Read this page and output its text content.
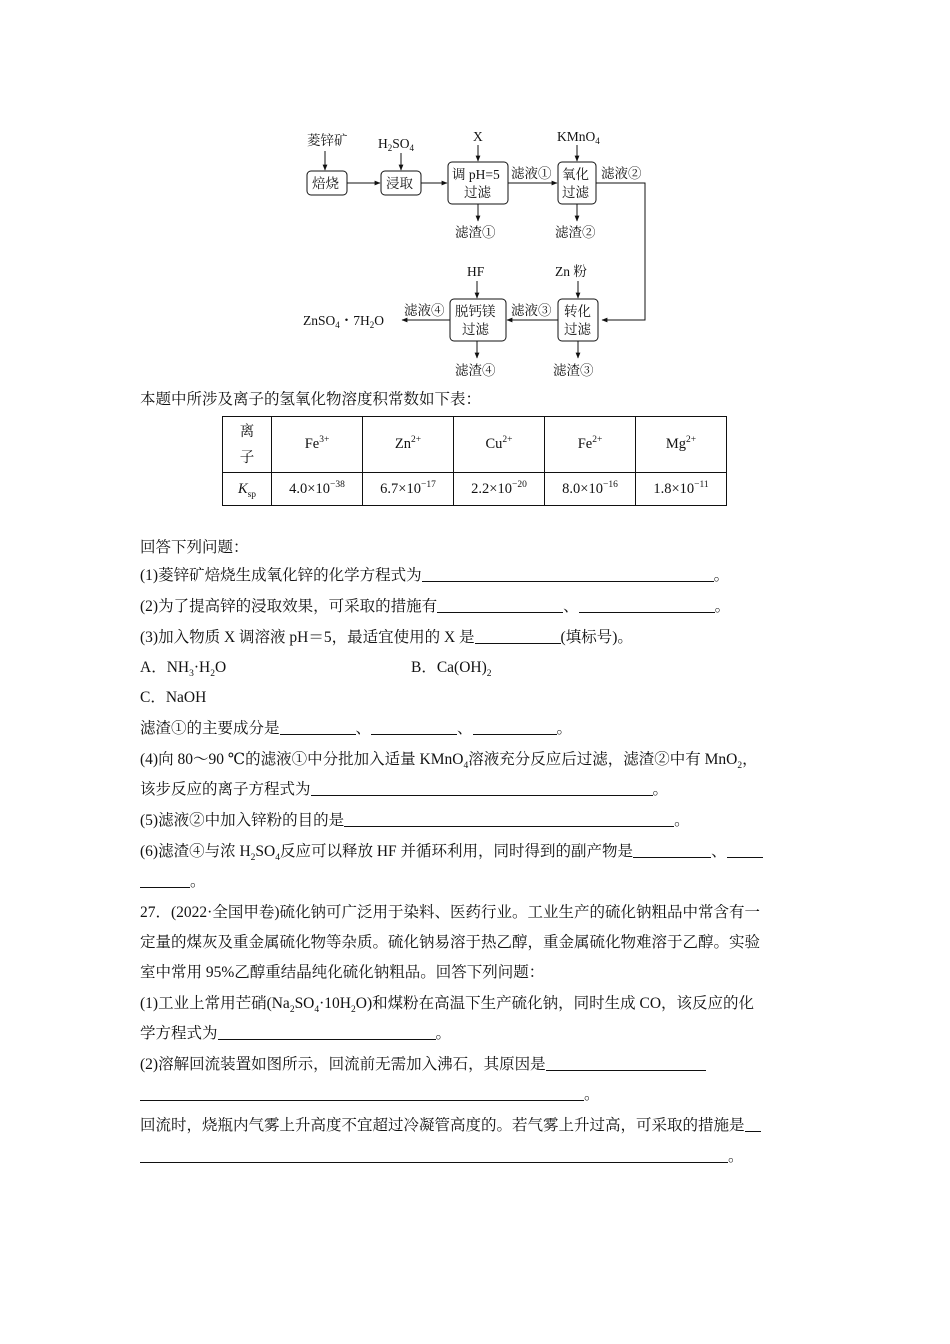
菱锌矿 $H_2SO_4$
X	KMnO$_4$
焙烧	浸取
调 pH=5
过滤
氧化
过滤
滤液①	滤液②
滤渣①	滤渣②
HF	Zn 粉
脱钙镁
过滤
转化
过滤
滤液③
滤液④
ZnSO$_4$・$7H_2O$
滤渣④	滤渣③
本题中所涉及离子的氢氧化物溶度积常数如下表：
离
子	$Fe^{3+}$	$Zn^{2+}$	$Cu^{2+}$	$Fe^{2+}$	$Mg^{2+}$
$K_{sp}$	$4.0\times 10^{-38}$	$6.7\times 10^{-17}$	$2.2\times 10^{-20}$	$8.0\times 10^{-16}$	$1.8\times 10^{-11}$
回答下列问题：
(1)菱锌矿焙烧生成氧化锌的化学方程式为	。
(2)为了提高锌的浸取效果，可采取的措施有	、	。
(3)加入物质 X 调溶液 pH＝5，最适宜使用的 X 是	(填标号)。
A．$NH_3\cdot H_2O$	B．$Ca(OH)_2$
C．NaOH
滤渣①的主要成分是	、	、	。
(4)向 80～90 ℃的滤液①中分批加入适量 KMnO$_4$溶液充分反应后过滤，滤渣②中有 MnO$_2$，
该步反应的离子方程式为	。
(5)滤液②中加入锌粉的目的是	。
(6)滤渣④与浓 $H_2SO_4$反应可以释放 HF 并循环利用，同时得到的副产物是	、
。
27．(2022·全国甲卷)硫化钠可广泛用于染料、医药行业。工业生产的硫化钠粗品中常含有一
定量的煤灰及重金属硫化物等杂质。硫化钠易溶于热乙醇，重金属硫化物难溶于乙醇。实验
室中常用 95%乙醇重结晶纯化硫化钠粗品。回答下列问题：
(1)工业上常用芒硝$(Na_2SO_4\cdot 10H_2O)$和煤粉在高温下生产硫化钠，同时生成 CO，该反应的化
学方程式为	。
(2)溶解回流装置如图所示，回流前无需加入沸石，其原因是
。
回流时，烧瓶内气雾上升高度不宜超过冷凝管高度的。若气雾上升过高，可采取的措施是
。
